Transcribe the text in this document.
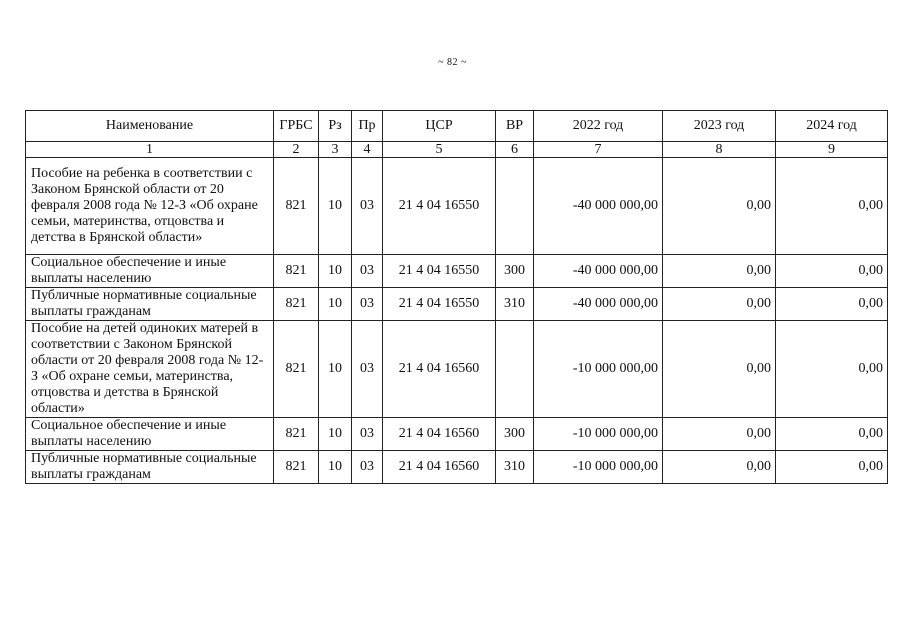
~ 82 ~
Наименование	ГРБС	Рз	Пр	ЦСР	ВР	2022 год	2023 год	2024 год
1	2	3	4	5	6	7	8	9
Пособие на ребенка в соответствии с Законом Брянской области от 20 февраля 2008 года № 12-З «Об охране семьи, материнства, отцовства и детства в Брянской области»	821	10	03	21 4 04 16550		-40 000 000,00	0,00	0,00
Социальное обеспечение и иные выплаты населению	821	10	03	21 4 04 16550	300	-40 000 000,00	0,00	0,00
Публичные нормативные социальные выплаты гражданам	821	10	03	21 4 04 16550	310	-40 000 000,00	0,00	0,00
Пособие на детей одиноких матерей в соответствии с Законом Брянской области от 20 февраля 2008 года № 12-З «Об охране семьи, материнства, отцовства и детства в Брянской области»	821	10	03	21 4 04 16560		-10 000 000,00	0,00	0,00
Социальное обеспечение и иные выплаты населению	821	10	03	21 4 04 16560	300	-10 000 000,00	0,00	0,00
Публичные нормативные социальные выплаты гражданам	821	10	03	21 4 04 16560	310	-10 000 000,00	0,00	0,00
